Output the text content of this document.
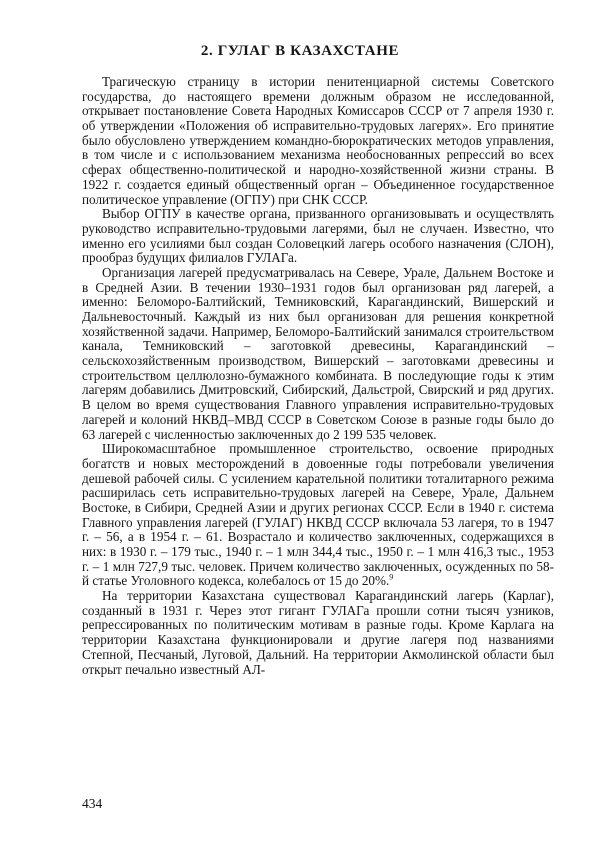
2. ГУЛАГ В КАЗАХСТАНЕ

Трагическую страницу в истории пенитенциарной системы Советского государства, до настоящего времени должным образом не исследованной, открывает постановление Совета Народных Комиссаров СССР от 7 апреля 1930 г. об утверждении «Положения об исправительно-трудовых лагерях». Его принятие было обусловлено утверждением командно-бюрократических методов управления, в том числе и с использованием механизма необоснованных репрессий во всех сферах общественно-политической и народно-хозяйственной жизни страны. В 1922 г. создается единый общественный орган – Объединенное государственное политическое управление (ОГПУ) при СНК СССР.

Выбор ОГПУ в качестве органа, призванного организовывать и осуществлять руководство исправительно-трудовыми лагерями, был не случаен. Известно, что именно его усилиями был создан Соловецкий лагерь особого назначения (СЛОН), прообраз будущих филиалов ГУЛАГа.

Организация лагерей предусматривалась на Севере, Урале, Дальнем Востоке и в Средней Азии. В течении 1930–1931 годов был организован ряд лагерей, а именно: Беломоро-Балтийский, Темниковский, Карагандинский, Вишерский и Дальневосточный. Каждый из них был организован для решения конкретной хозяйственной задачи. Например, Беломоро-Балтийский занимался строительством канала, Темниковский – заготовкой древесины, Карагандинский – сельскохозяйственным производством, Вишерский – заготовками древесины и строительством целлюлозно-бумажного комбината. В последующие годы к этим лагерям добавились Дмитровский, Сибирский, Дальстрой, Свирский и ряд других. В целом во время существования Главного управления исправительно-трудовых лагерей и колоний НКВД–МВД СССР в Советском Союзе в разные годы было до 63 лагерей с численностью заключенных до 2 199 535 человек.

Широкомасштабное промышленное строительство, освоение природных богатств и новых месторождений в довоенные годы потребовали увеличения дешевой рабочей силы. С усилением карательной политики тоталитарного режима расширилась сеть исправительно-трудовых лагерей на Севере, Урале, Дальнем Востоке, в Сибири, Средней Азии и других регионах СССР. Если в 1940 г. система Главного управления лагерей (ГУЛАГ) НКВД СССР включала 53 лагеря, то в 1947 г. – 56, а в 1954 г. – 61. Возрастало и количество заключенных, содержащихся в них: в 1930 г. – 179 тыс., 1940 г. – 1 млн 344,4 тыс., 1950 г. – 1 млн 416,3 тыс., 1953 г. – 1 млн 727,9 тыс. человек. Причем количество заключенных, осужденных по 58-й статье Уголовного кодекса, колебалось от 15 до 20%.$^9$

На территории Казахстана существовал Карагандинский лагерь (Карлаг), созданный в 1931 г. Через этот гигант ГУЛАГа прошли сотни тысяч узников, репрессированных по политическим мотивам в разные годы. Кроме Карлага на территории Казахстана функционировали и другие лагеря под названиями Степной, Песчаный, Луговой, Дальний. На территории Акмолинской области был открыт печально известный АЛ-

434
